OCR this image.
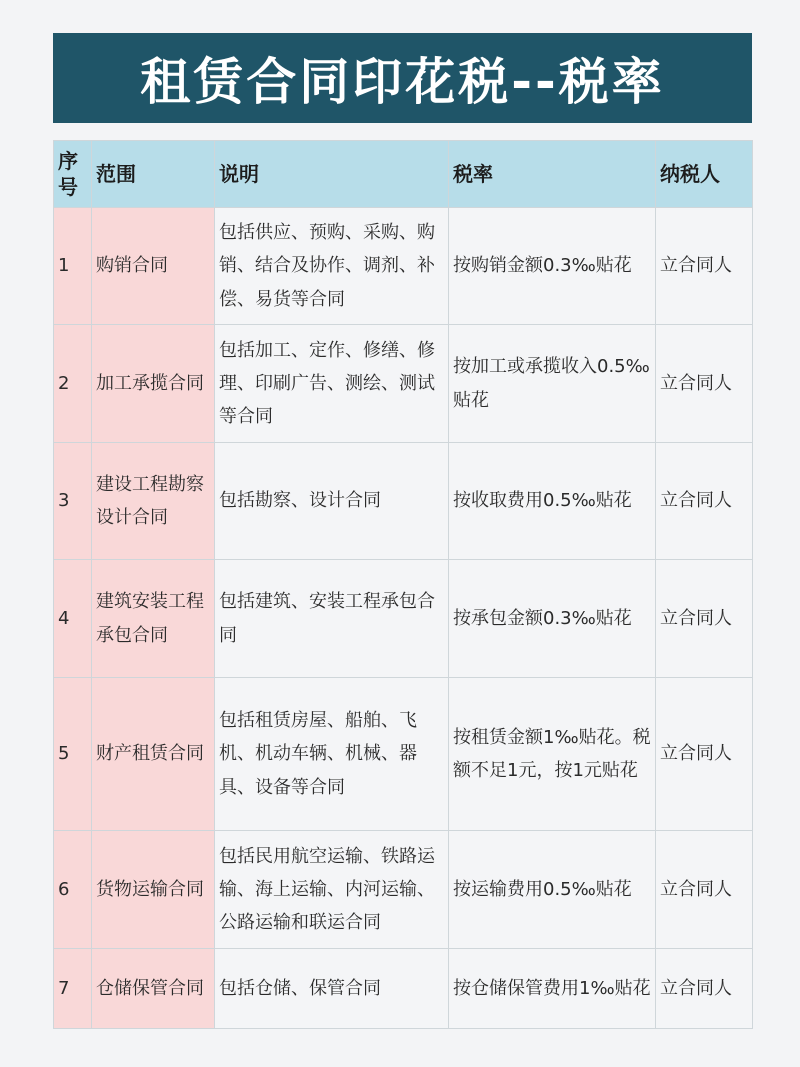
租赁合同印花税--税率
序号	范围	说明	税率	纳税人
1	购销合同	包括供应、预购、采购、购销、结合及协作、调剂、补偿、易货等合同	按购销金额0.3‰贴花	立合同人
2	加工承揽合同	包括加工、定作、修缮、修理、印刷广告、测绘、测试等合同	按加工或承揽收入0.5‰贴花	立合同人
3	建设工程勘察设计合同	包括勘察、设计合同	按收取费用0.5‰贴花	立合同人
4	建筑安装工程承包合同	包括建筑、安装工程承包合同	按承包金额0.3‰贴花	立合同人
5	财产租赁合同	包括租赁房屋、船舶、飞机、机动车辆、机械、器具、设备等合同	按租赁金额1‰贴花。税额不足1元，按1元贴花	立合同人
6	货物运输合同	包括民用航空运输、铁路运输、海上运输、内河运输、公路运输和联运合同	按运输费用0.5‰贴花	立合同人
7	仓储保管合同	包括仓储、保管合同	按仓储保管费用1‰贴花	立合同人
